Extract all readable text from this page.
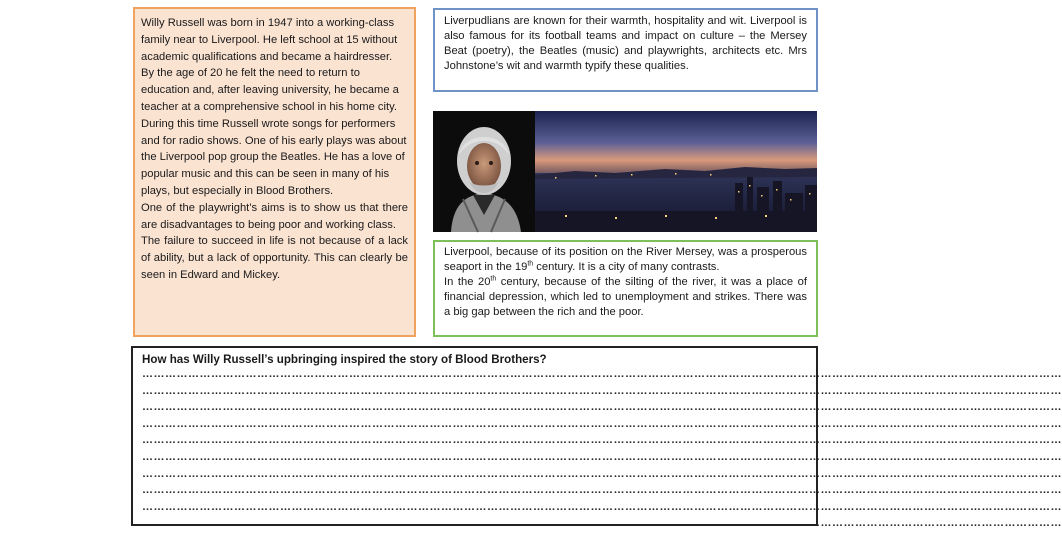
Willy Russell was born in 1947 into a working-class family near to Liverpool. He left school at 15 without academic qualifications and became a hairdresser. By the age of 20 he felt the need to return to education and, after leaving university, he became a teacher at a comprehensive school in his home city.

During this time Russell wrote songs for performers and for radio shows. One of his early plays was about the Liverpool pop group the Beatles. He has a love of popular music and this can be seen in many of his plays, but especially in Blood Brothers.

One of the playwright’s aims is to show us that there are disadvantages to being poor and working class.

The failure to succeed in life is not because of a lack of ability, but a lack of opportunity. This can clearly be seen in Edward and Mickey.

Liverpudlians are known for their warmth, hospitality and wit. Liverpool is also famous for its football teams and impact on culture – the Mersey Beat (poetry), the Beatles (music) and playwrights, architects etc. Mrs Johnstone’s wit and warmth typify these qualities.

Liverpool, because of its position on the River Mersey, was a prosperous seaport in the 19th century. It is a city of many contrasts.

In the 20th century, because of the silting of the river, it was a place of financial depression, which led to unemployment and strikes. There was a big gap between the rich and the poor.

How has Willy Russell’s upbringing inspired the story of Blood Brothers?

……………………………………………………………………………………………………………………………………………………………………………………………………………………
……………………………………………………………………………………………………………………………………………………………………………………………………………………
……………………………………………………………………………………………………………………………………………………………………………………………………………………
……………………………………………………………………………………………………………………………………………………………………………………………………………………
……………………………………………………………………………………………………………………………………………………………………………………………………………………
……………………………………………………………………………………………………………………………………………………………………………………………………………………
……………………………………………………………………………………………………………………………………………………………………………………………………………………
……………………………………………………………………………………………………………………………………………………………………………………………………………………
……………………………………………………………………………………………………………………………………………………………………………………………………………………
……………………………………………………………………………………………………………………………………………………………………………………………………………………
